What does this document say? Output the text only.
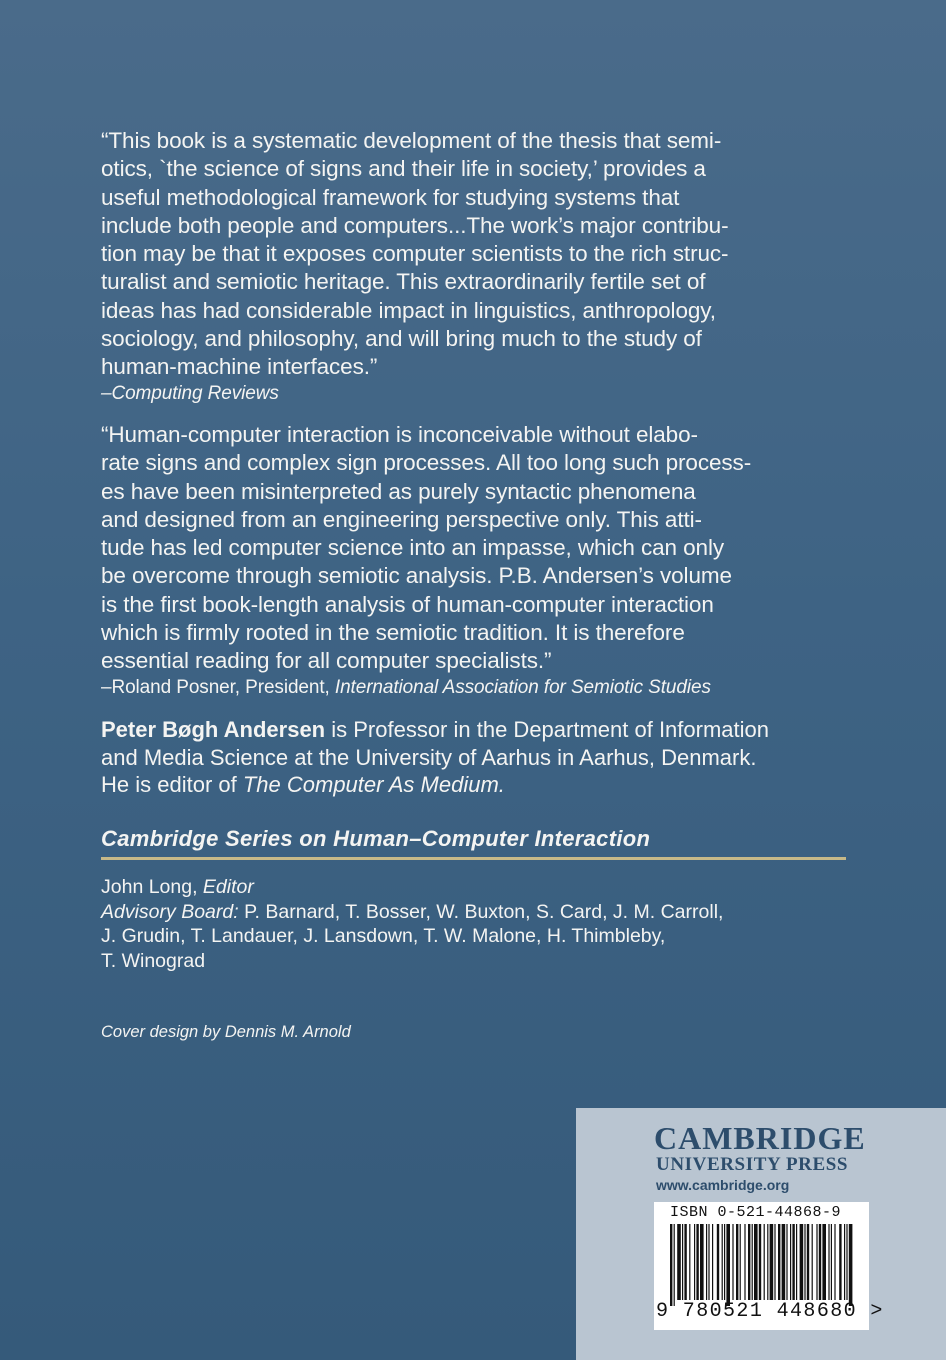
“This book is a systematic development of the thesis that semi-
otics, `the science of signs and their life in society,’ provides a
useful methodological framework for studying systems that
include both people and computers...The work’s major contribu-
tion may be that it exposes computer scientists to the rich struc-
turalist and semiotic heritage. This extraordinarily fertile set of
ideas has had considerable impact in linguistics, anthropology,
sociology, and philosophy, and will bring much to the study of
human-machine interfaces.”
–Computing Reviews
“Human-computer interaction is inconceivable without elabo-
rate signs and complex sign processes. All too long such process-
es have been misinterpreted as purely syntactic phenomena
and designed from an engineering perspective only. This atti-
tude has led computer science into an impasse, which can only
be overcome through semiotic analysis. P.B. Andersen’s volume
is the first book-length analysis of human-computer interaction
which is firmly rooted in the semiotic tradition. It is therefore
essential reading for all computer specialists.”
–Roland Posner, President, International Association for Semiotic Studies
Peter Bøgh Andersen is Professor in the Department of Information
and Media Science at the University of Aarhus in Aarhus, Denmark.
He is editor of The Computer As Medium.
Cambridge Series on Human–Computer Interaction
John Long, Editor
Advisory Board: P. Barnard, T. Bosser, W. Buxton, S. Card, J. M. Carroll,
J. Grudin, T. Landauer, J. Lansdown, T. W. Malone, H. Thimbleby,
T. Winograd
Cover design by Dennis M. Arnold
CAMBRIDGE
UNIVERSITY PRESS
www.cambridge.org
ISBN 0-521-44868-9
9 780521 448680 >
